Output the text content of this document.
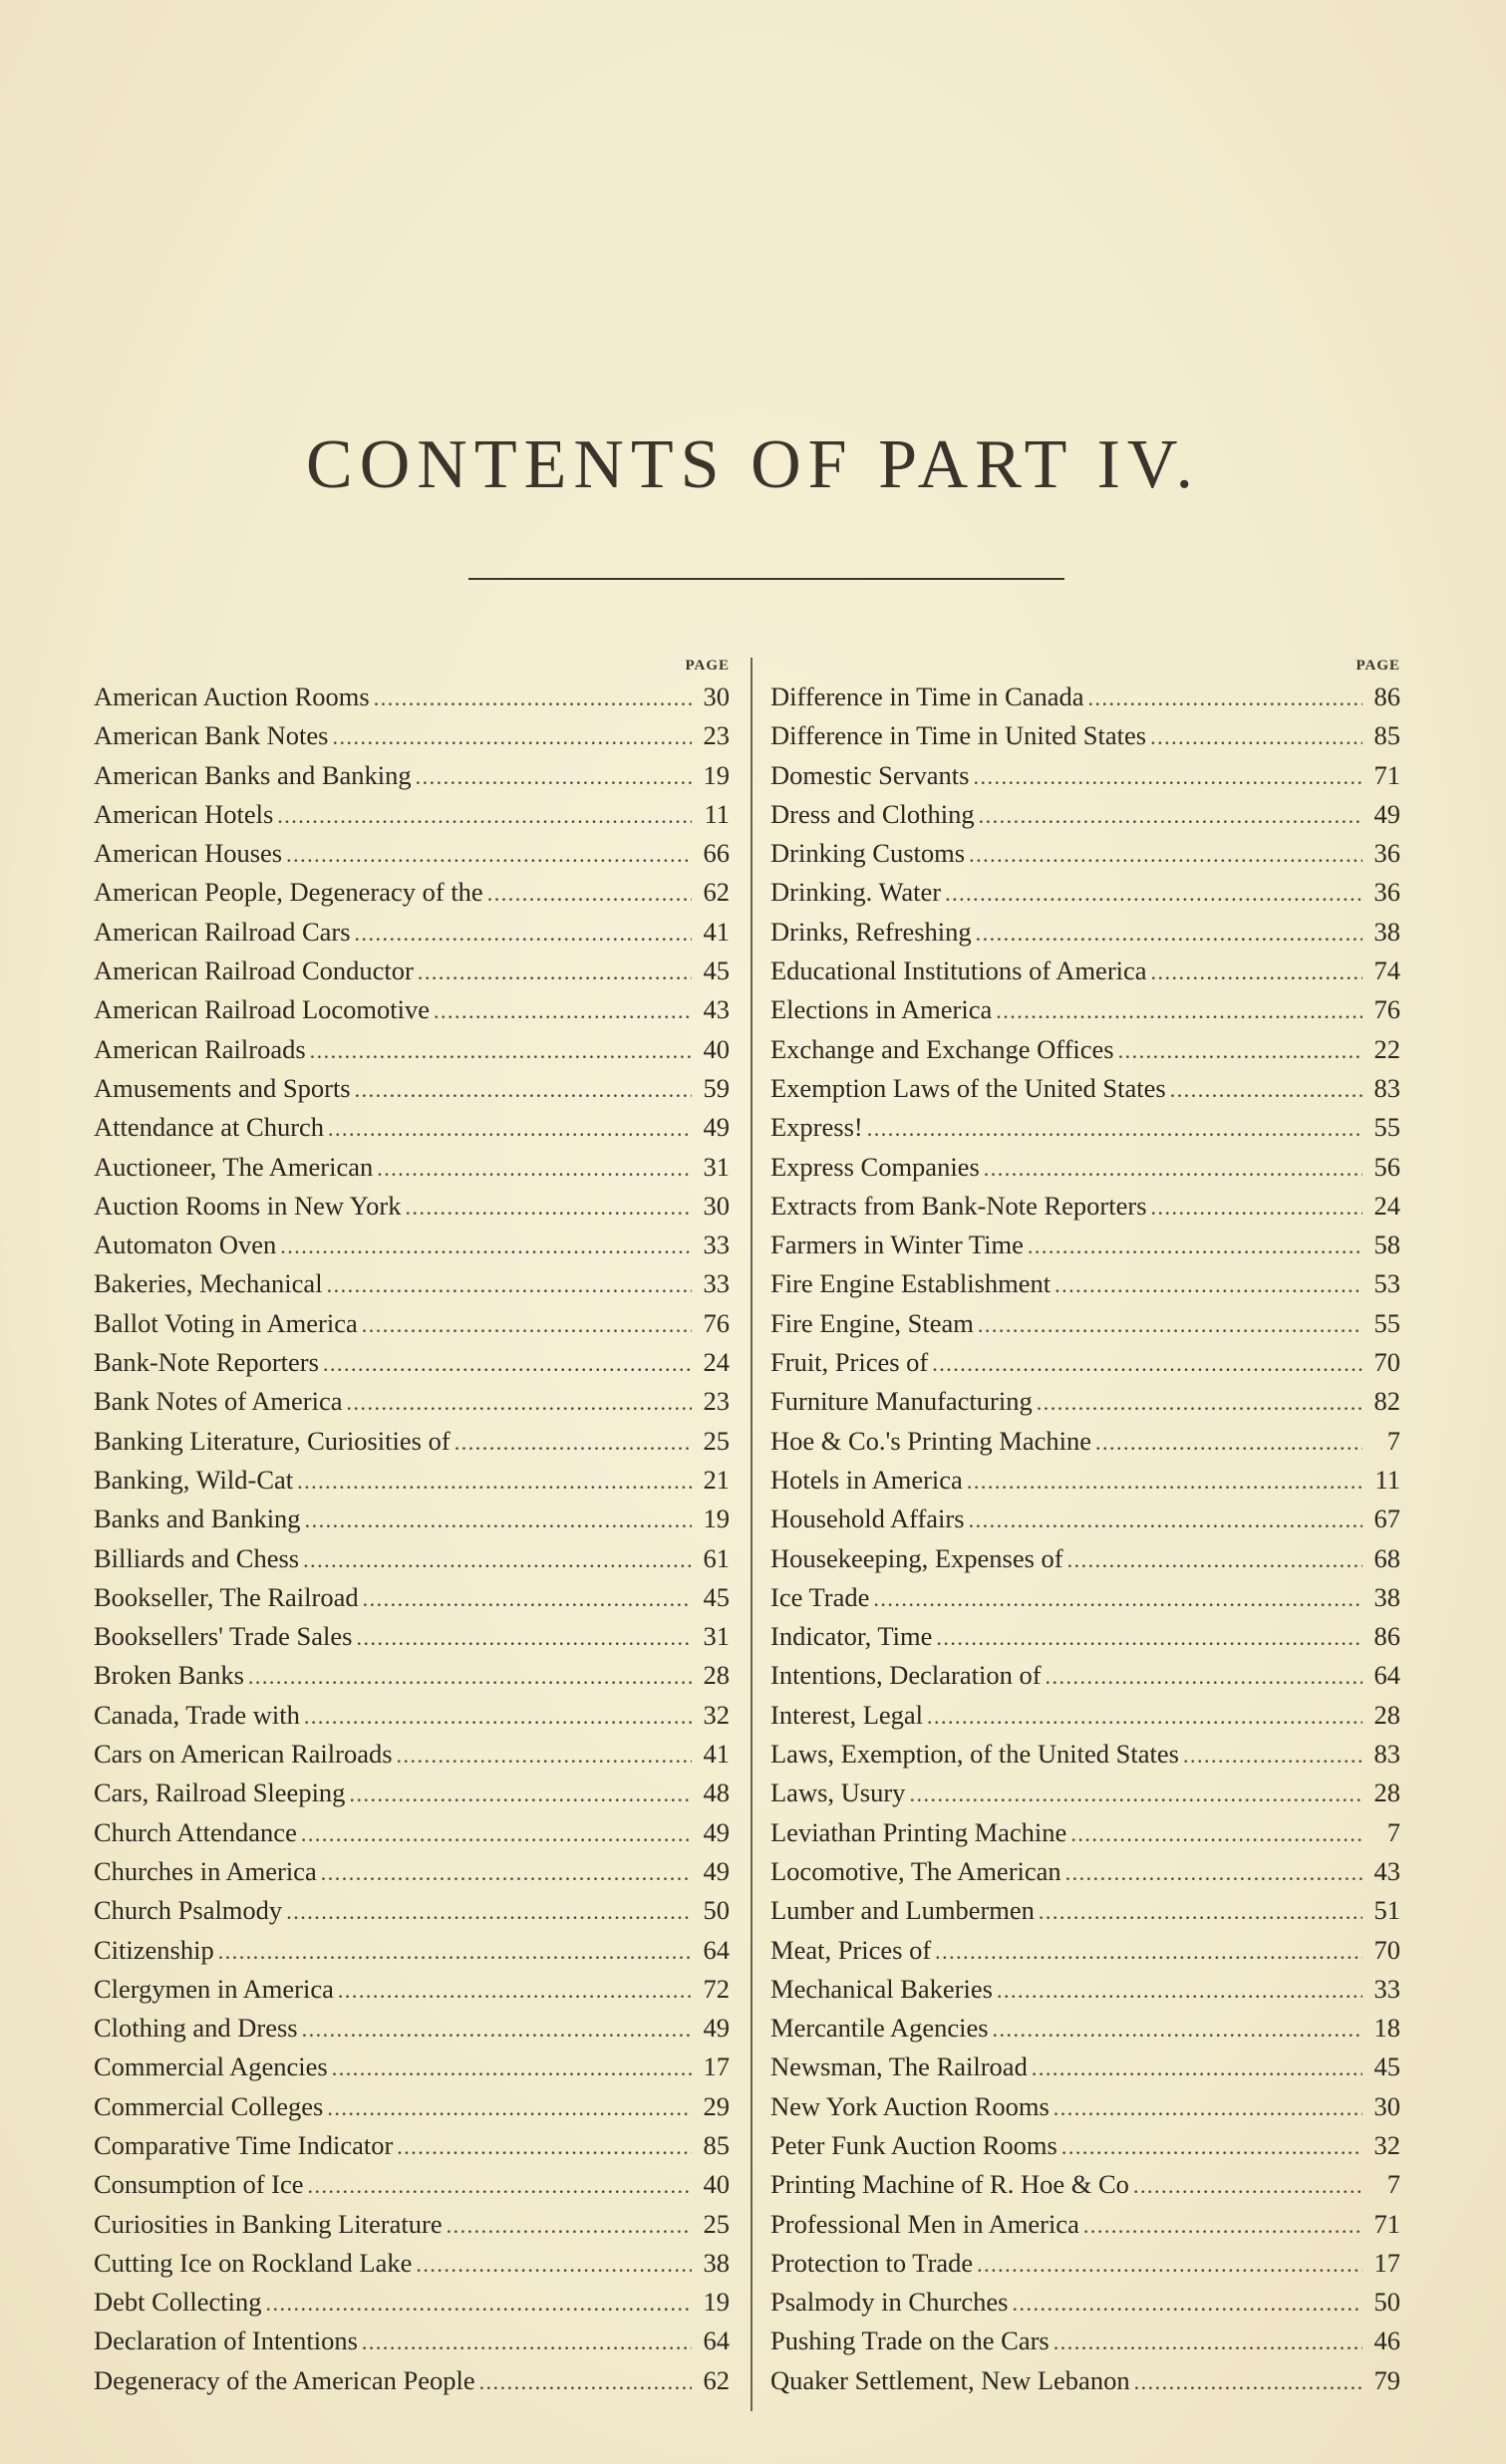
CONTENTS OF PART IV.
PAGE
American Auction Rooms . . .	30
American Bank Notes . . .	23
American Banks and Banking . . .	19
American Hotels . . .	11
American Houses . . .	66
American People, Degeneracy of the . . .	62
American Railroad Cars . . .	41
American Railroad Conductor . . .	45
American Railroad Locomotive . . .	43
American Railroads . . .	40
Amusements and Sports . . .	59
Attendance at Church . . .	49
Auctioneer, The American . . .	31
Auction Rooms in New York . . .	30
Automaton Oven . . .	33
Bakeries, Mechanical . . .	33
Ballot Voting in America . . .	76
Bank-Note Reporters . . .	24
Bank Notes of America . . .	23
Banking Literature, Curiosities of . . .	25
Banking, Wild-Cat . . .	21
Banks and Banking . . .	19
Billiards and Chess . . .	61
Bookseller, The Railroad . . .	45
Booksellers' Trade Sales . . .	31
Broken Banks . . .	28
Canada, Trade with . . .	32
Cars on American Railroads . . .	41
Cars, Railroad Sleeping . . .	48
Church Attendance . . .	49
Churches in America . . .	49
Church Psalmody . . .	50
Citizenship . . .	64
Clergymen in America . . .	72
Clothing and Dress . . .	49
Commercial Agencies . . .	17
Commercial Colleges . . .	29
Comparative Time Indicator . . .	85
Consumption of Ice . . .	40
Curiosities in Banking Literature . . .	25
Cutting Ice on Rockland Lake . . .	38
Debt Collecting . . .	19
Declaration of Intentions . . .	64
Degeneracy of the American People . . .	62
PAGE
Difference in Time in Canada . . .	86
Difference in Time in United States . . .	85
Domestic Servants . . .	71
Dress and Clothing . . .	49
Drinking Customs . . .	36
Drinking. Water . . .	36
Drinks, Refreshing . . .	38
Educational Institutions of America . . .	74
Elections in America . . .	76
Exchange and Exchange Offices . . .	22
Exemption Laws of the United States . . .	83
Express! . . .	55
Express Companies . . .	56
Extracts from Bank-Note Reporters . . .	24
Farmers in Winter Time . . .	58
Fire Engine Establishment . . .	53
Fire Engine, Steam . . .	55
Fruit, Prices of . . .	70
Furniture Manufacturing . . .	82
Hoe & Co.'s Printing Machine . . .	7
Hotels in America . . .	11
Household Affairs . . .	67
Housekeeping, Expenses of . . .	68
Ice Trade . . .	38
Indicator, Time . . .	86
Intentions, Declaration of . . .	64
Interest, Legal . . .	28
Laws, Exemption, of the United States . . .	83
Laws, Usury . . .	28
Leviathan Printing Machine . . .	7
Locomotive, The American . . .	43
Lumber and Lumbermen . . .	51
Meat, Prices of . . .	70
Mechanical Bakeries . . .	33
Mercantile Agencies . . .	18
Newsman, The Railroad . . .	45
New York Auction Rooms . . .	30
Peter Funk Auction Rooms . . .	32
Printing Machine of R. Hoe & Co . . .	7
Professional Men in America . . .	71
Protection to Trade . . .	17
Psalmody in Churches . . .	50
Pushing Trade on the Cars . . .	46
Quaker Settlement, New Lebanon . . .	79
